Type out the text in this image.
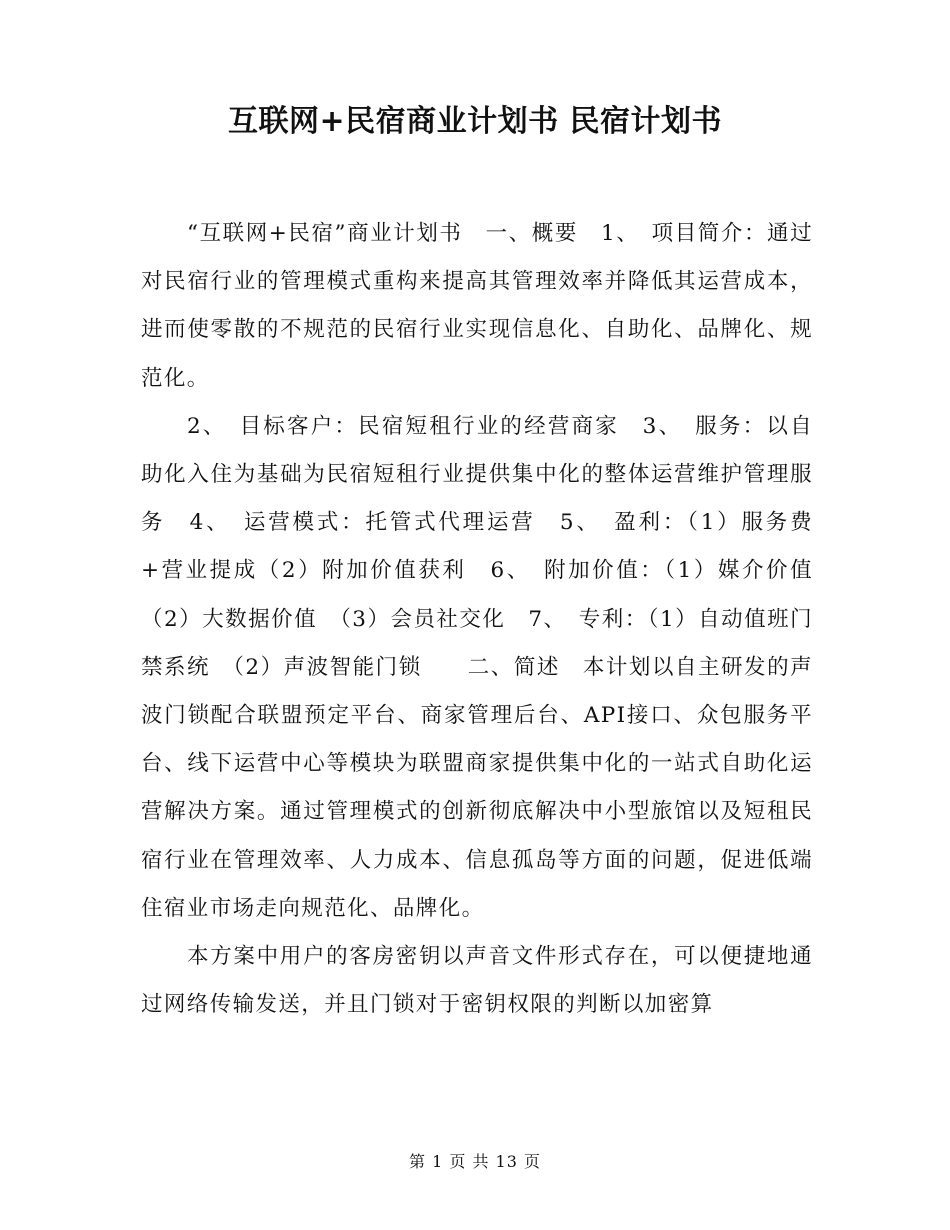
互联网+民宿商业计划书 民宿计划书

“互联网+民宿”商业计划书　一、概要　1、　项目简介：通过对民宿行业的管理模式重构来提高其管理效率并降低其运营成本，进而使零散的不规范的民宿行业实现信息化、自助化、品牌化、规范化。

2、　目标客户：民宿短租行业的经营商家　3、　服务：以自助化入住为基础为民宿短租行业提供集中化的整体运营维护管理服务　4、　运营模式：托管式代理运营　5、　盈利：（1）服务费+营业提成（2）附加价值获利　6、　附加价值：（1）媒介价值　（2）大数据价值　（3）会员社交化　7、　专利：（1）自动值班门禁系统　（2）声波智能门锁　　二、简述　本计划以自主研发的声波门锁配合联盟预定平台、商家管理后台、API接口、众包服务平台、线下运营中心等模块为联盟商家提供集中化的一站式自助化运营解决方案。通过管理模式的创新彻底解决中小型旅馆以及短租民宿行业在管理效率、人力成本、信息孤岛等方面的问题，促进低端住宿业市场走向规范化、品牌化。

本方案中用户的客房密钥以声音文件形式存在，可以便捷地通过网络传输发送，并且门锁对于密钥权限的判断以加密算

第 1 页 共 13 页
